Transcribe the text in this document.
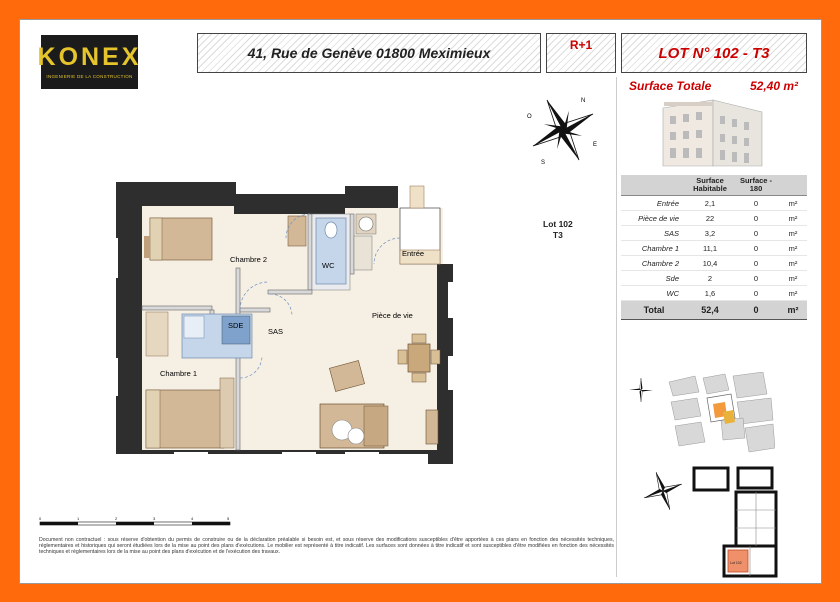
KONEX
INGENIERIE DE LA CONSTRUCTION
41, Rue de Genève 01800 Meximieux	R+1	LOT N° 102 - T3
Surface Totale	52,40 m²
N
E
S
O
	Surface Habitable	Surface - 180	
Entrée	2,1	0	m²
Pièce de vie	22	0	m²
SAS	3,2	0	m²
Chambre 1	11,1	0	m²
Chambre 2	10,4	0	m²
Sde	2	0	m²
WC	1,6	0	m²
Total	52,4	0	m²
Lot 102
Lot 102
T3
Chambre 2
WC
SDE
SAS
Pièce de vie
Chambre 1
Entrée
0	1	2	3	4	5
Document non contractuel : sous réserve d'obtention du permis de construire ou de la déclaration préalable si besoin est, et sous réserve des modifications susceptibles d'être apportées à ces plans en fonction des nécessités techniques, réglementaires et historiques qui seront étudiées lors de la mise au point des plans d'exécutions. Le mobilier est représenté à titre indicatif. Les surfaces sont données à titre indicatif et sont susceptibles d'être modifiées en fonction des nécessités techniques et réglementaires lors de la mise au point des plans d'exécution et de l'exécution des travaux.
